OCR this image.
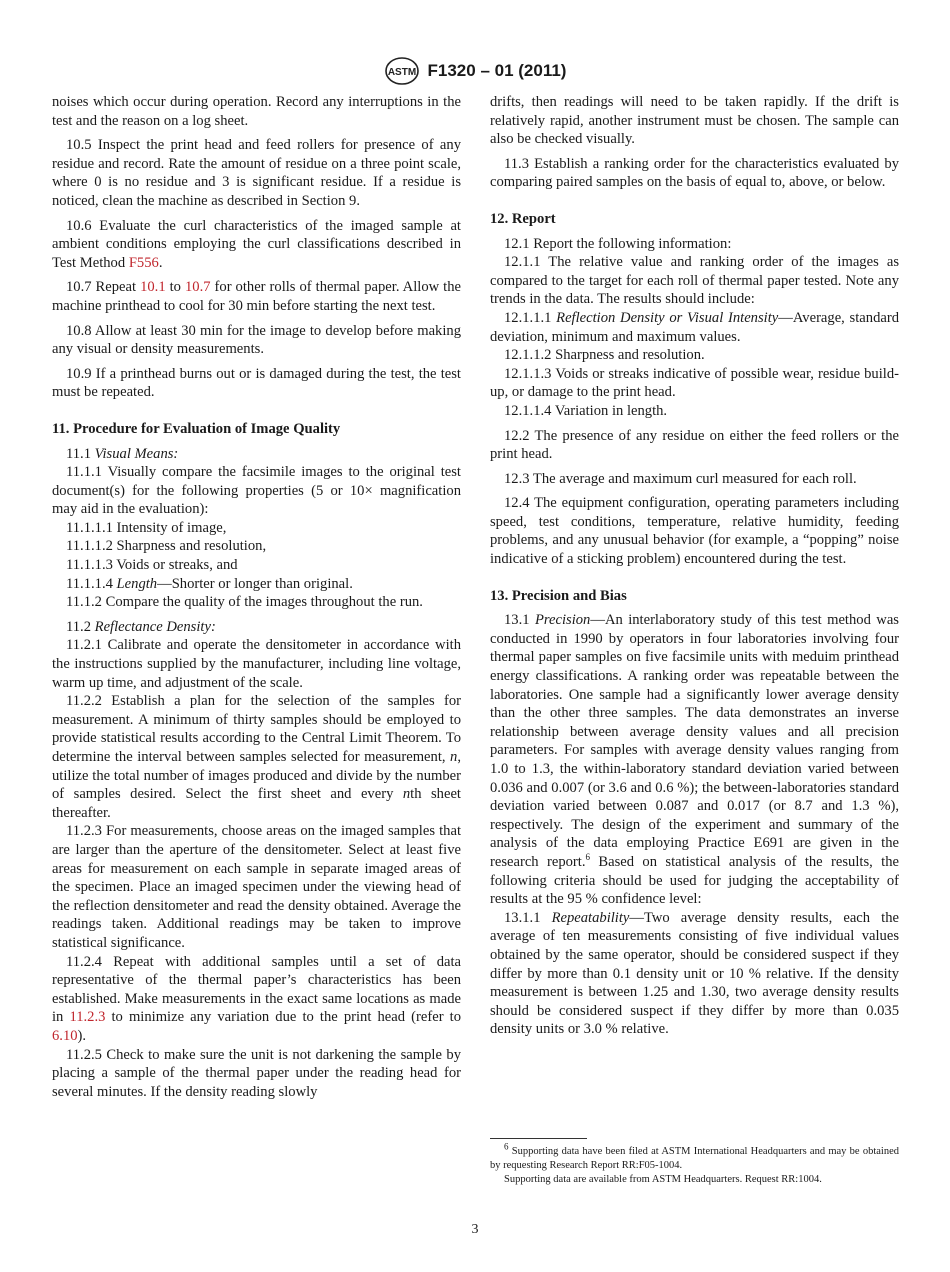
ASTM F1320 – 01 (2011)

noises which occur during operation. Record any interruptions in the test and the reason on a log sheet.

10.5 Inspect the print head and feed rollers for presence of any residue and record. Rate the amount of residue on a three point scale, where 0 is no residue and 3 is significant residue. If a residue is noticed, clean the machine as described in Section 9.

10.6 Evaluate the curl characteristics of the imaged sample at ambient conditions employing the curl classifications described in Test Method F556.

10.7 Repeat 10.1 to 10.7 for other rolls of thermal paper. Allow the machine printhead to cool for 30 min before starting the next test.

10.8 Allow at least 30 min for the image to develop before making any visual or density measurements.

10.9 If a printhead burns out or is damaged during the test, the test must be repeated.

11. Procedure for Evaluation of Image Quality

11.1 Visual Means:

11.1.1 Visually compare the facsimile images to the original test document(s) for the following properties (5 or 10× magnification may aid in the evaluation):

11.1.1.1 Intensity of image,

11.1.1.2 Sharpness and resolution,

11.1.1.3 Voids or streaks, and

11.1.1.4 Length—Shorter or longer than original.

11.1.2 Compare the quality of the images throughout the run.

11.2 Reflectance Density:

11.2.1 Calibrate and operate the densitometer in accordance with the instructions supplied by the manufacturer, including line voltage, warm up time, and adjustment of the scale.

11.2.2 Establish a plan for the selection of the samples for measurement. A minimum of thirty samples should be employed to provide statistical results according to the Central Limit Theorem. To determine the interval between samples selected for measurement, n, utilize the total number of images produced and divide by the number of samples desired. Select the first sheet and every nth sheet thereafter.

11.2.3 For measurements, choose areas on the imaged samples that are larger than the aperture of the densitometer. Select at least five areas for measurement on each sample in separate imaged areas of the specimen. Place an imaged specimen under the viewing head of the reflection densitometer and read the density obtained. Average the readings taken. Additional readings may be taken to improve statistical significance.

11.2.4 Repeat with additional samples until a set of data representative of the thermal paper’s characteristics has been established. Make measurements in the exact same locations as made in 11.2.3 to minimize any variation due to the print head (refer to 6.10).

11.2.5 Check to make sure the unit is not darkening the sample by placing a sample of the thermal paper under the reading head for several minutes. If the density reading slowly

drifts, then readings will need to be taken rapidly. If the drift is relatively rapid, another instrument must be chosen. The sample can also be checked visually.

11.3 Establish a ranking order for the characteristics evaluated by comparing paired samples on the basis of equal to, above, or below.

12. Report

12.1 Report the following information:

12.1.1 The relative value and ranking order of the images as compared to the target for each roll of thermal paper tested. Note any trends in the data. The results should include:

12.1.1.1 Reflection Density or Visual Intensity—Average, standard deviation, minimum and maximum values.

12.1.1.2 Sharpness and resolution.

12.1.1.3 Voids or streaks indicative of possible wear, residue build-up, or damage to the print head.

12.1.1.4 Variation in length.

12.2 The presence of any residue on either the feed rollers or the print head.

12.3 The average and maximum curl measured for each roll.

12.4 The equipment configuration, operating parameters including speed, test conditions, temperature, relative humidity, feeding problems, and any unusual behavior (for example, a “popping” noise indicative of a sticking problem) encountered during the test.

13. Precision and Bias

13.1 Precision—An interlaboratory study of this test method was conducted in 1990 by operators in four laboratories involving four thermal paper samples on five facsimile units with meduim printhead energy classifications. A ranking order was repeatable between the laboratories. One sample had a significantly lower average density than the other three samples. The data demonstrates an inverse relationship between average density values and all precision parameters. For samples with average density values ranging from 1.0 to 1.3, the within-laboratory standard deviation varied between 0.036 and 0.007 (or 3.6 and 0.6 %); the between-laboratories standard deviation varied between 0.087 and 0.017 (or 8.7 and 1.3 %), respectively. The design of the experiment and summary of the analysis of the data employing Practice E691 are given in the research report.$^6$ Based on statistical analysis of the results, the following criteria should be used for judging the acceptability of results at the 95 % confidence level:

13.1.1 Repeatability—Two average density results, each the average of ten measurements consisting of five individual values obtained by the same operator, should be considered suspect if they differ by more than 0.1 density unit or 10 % relative. If the density measurement is between 1.25 and 1.30, two average density results should be considered suspect if they differ by more than 0.035 density units or 3.0 % relative.

$^6$ Supporting data have been filed at ASTM International Headquarters and may be obtained by requesting Research Report RR:F05-1004.

Supporting data are available from ASTM Headquarters. Request RR:1004.

3
